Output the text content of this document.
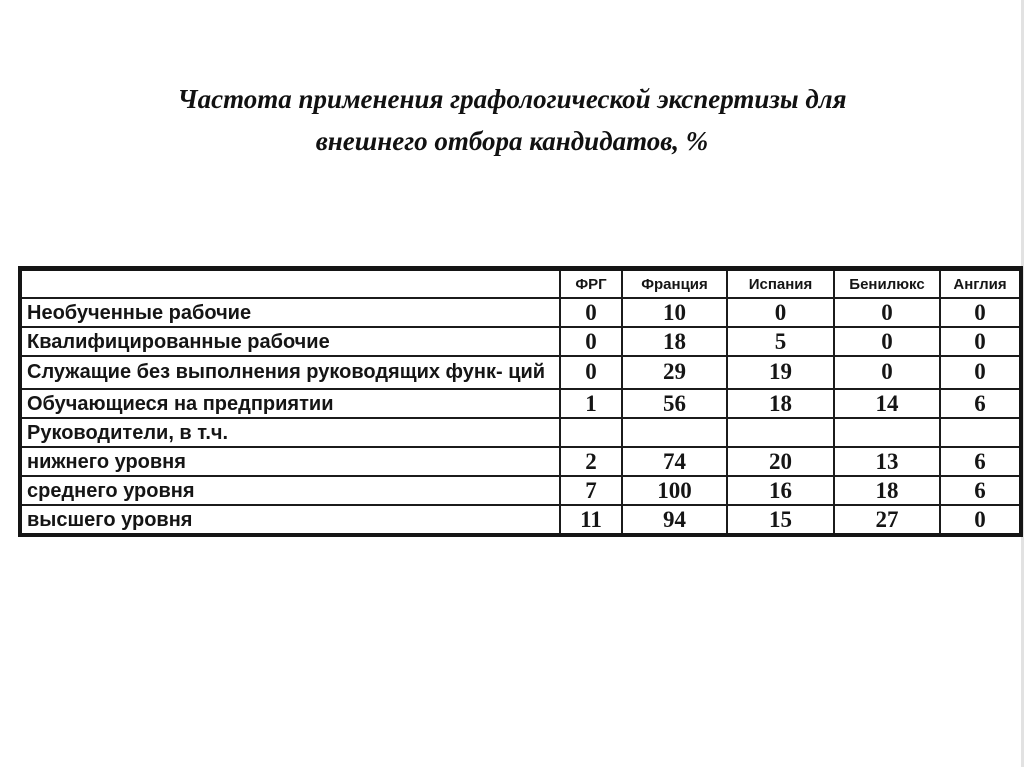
Частота применения графологической экспертизы для
внешнего отбора кандидатов, %
	ФРГ	Франция	Испания	Бенилюкс	Англия
Необученные рабочие	0	10	0	0	0
Квалифицированные рабочие	0	18	5	0	0
Служащие без выполнения руководящих функ- ций	0	29	19	0	0
Обучающиеся на предприятии	1	56	18	14	6
Руководители, в т.ч.					
нижнего уровня	2	74	20	13	6
среднего уровня	7	100	16	18	6
высшего уровня	11	94	15	27	0
